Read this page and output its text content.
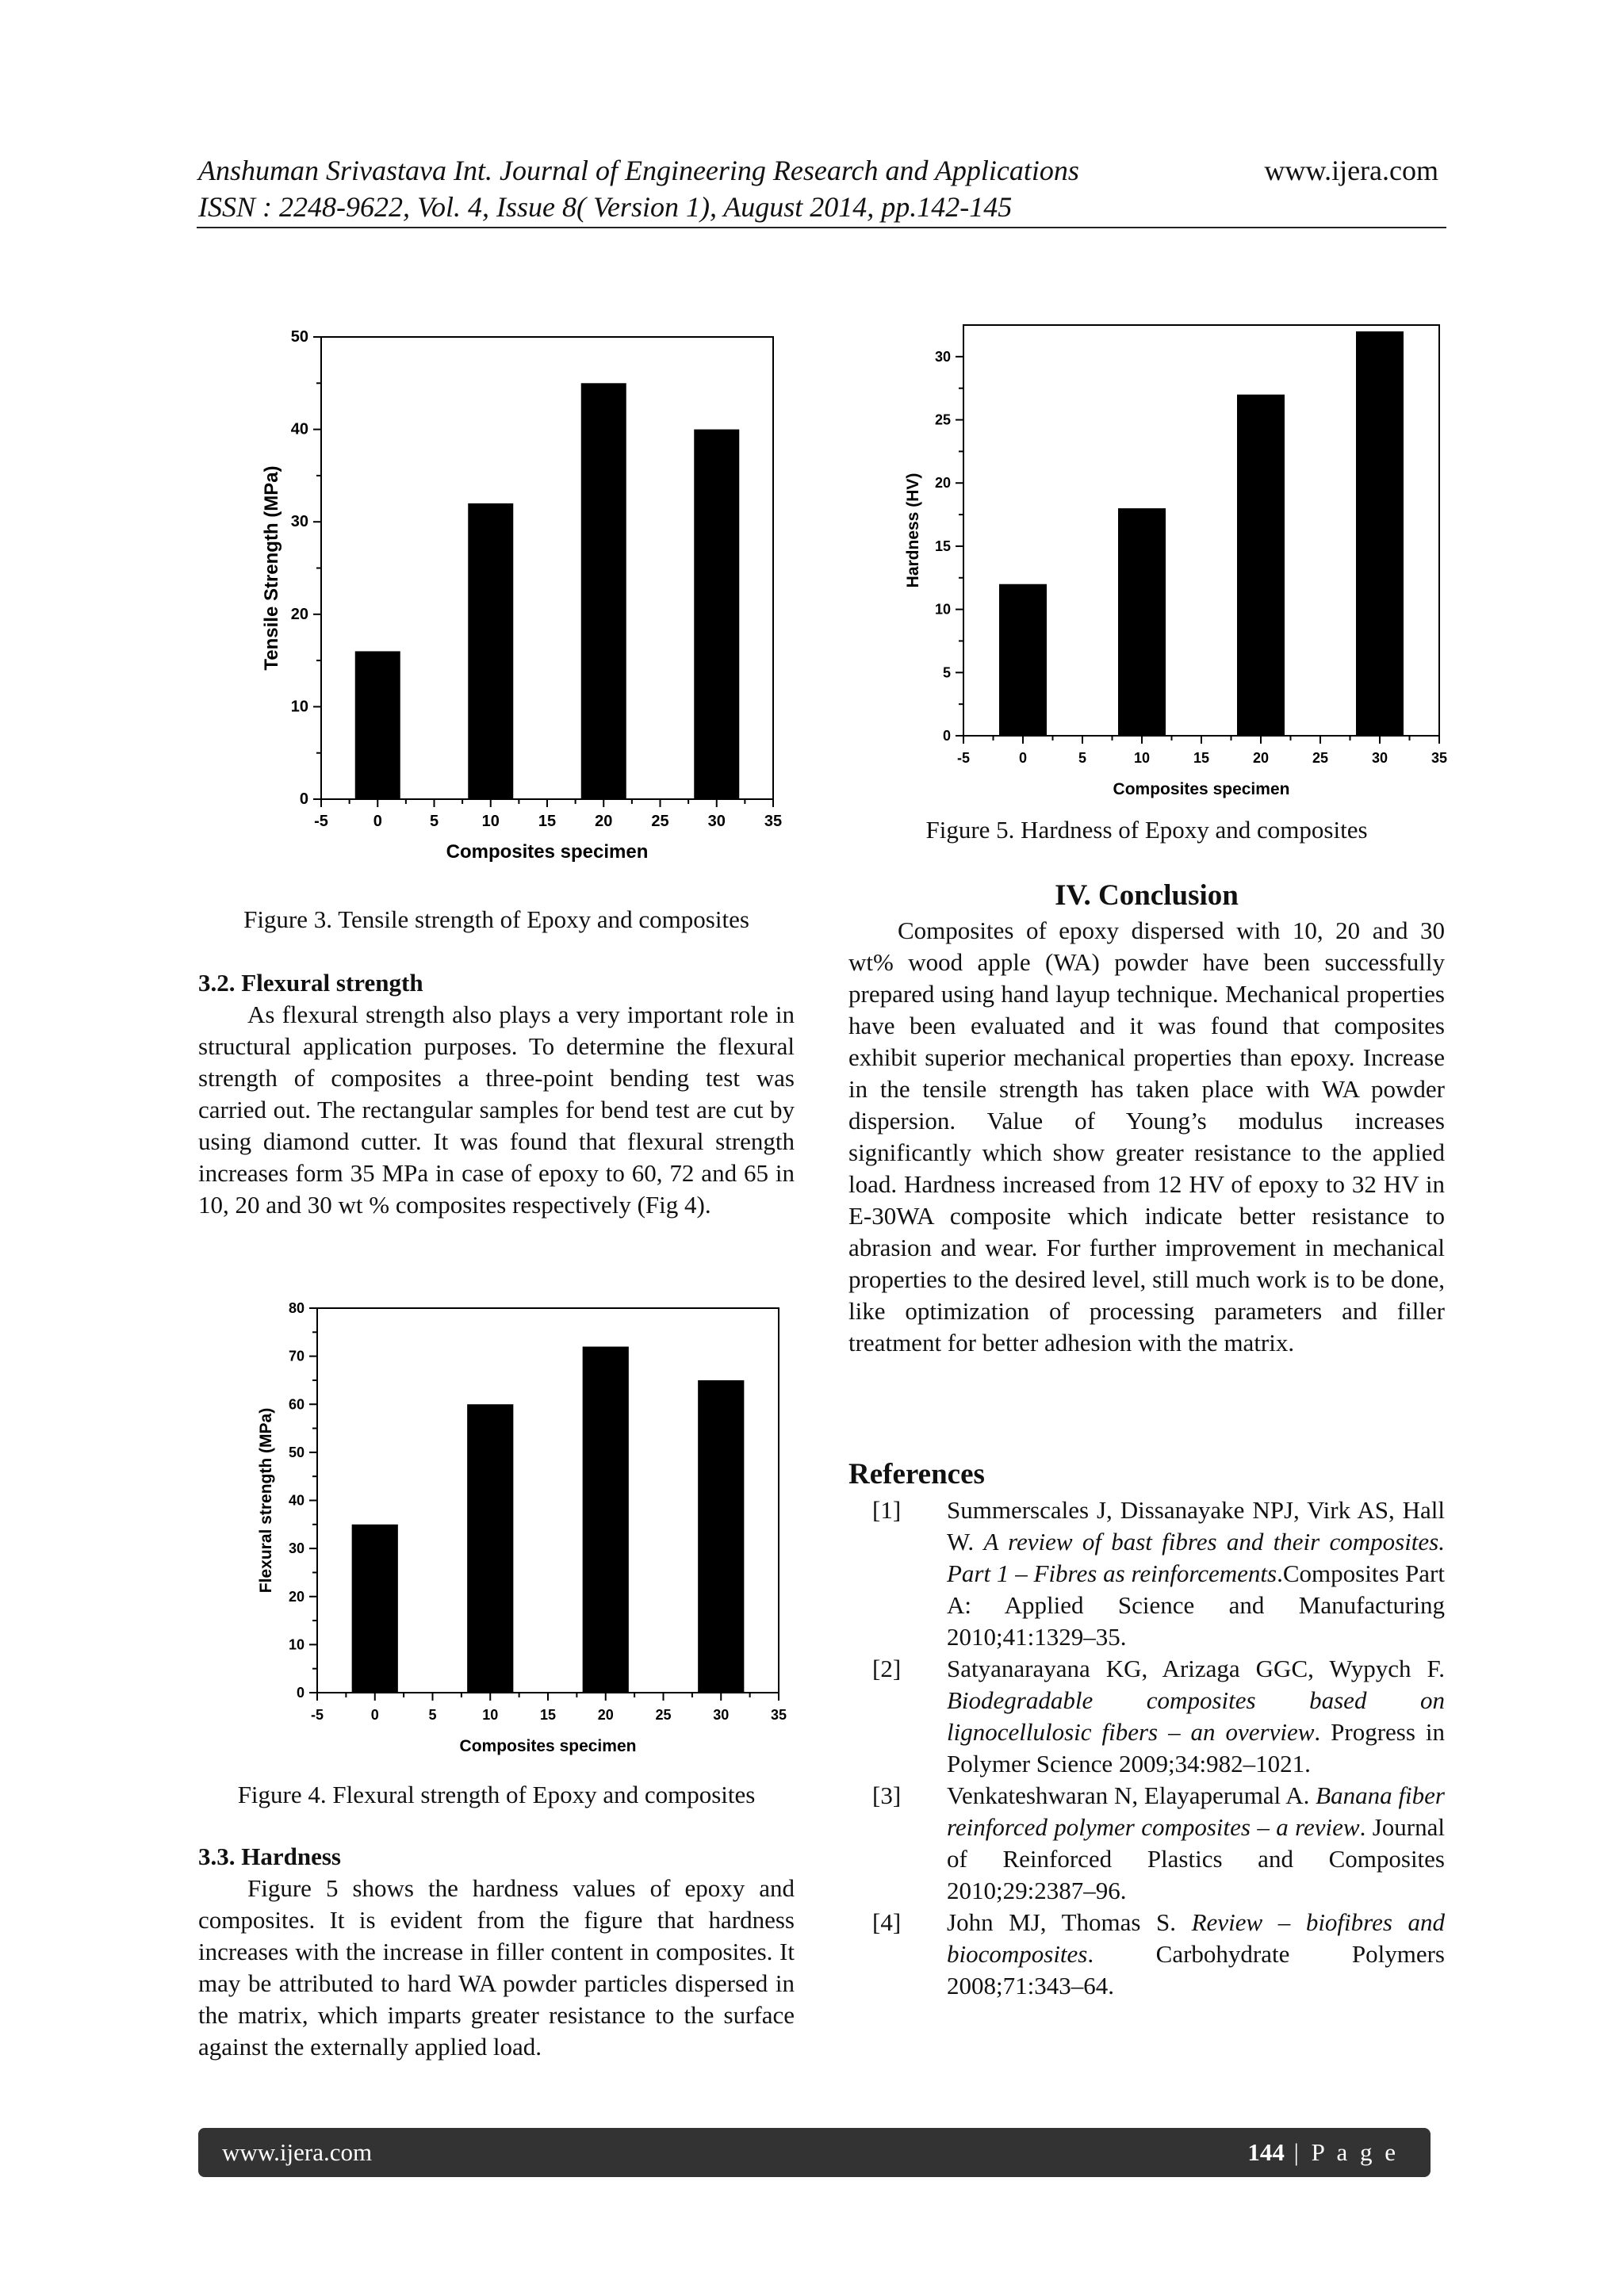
Anshuman Srivastava Int. Journal of Engineering Research and Applications
ISSN : 2248-9622, Vol. 4, Issue 8( Version 1), August 2014, pp.142-145
www.ijera.com
-5	0	5	10 15 20 25 30 35
0
10
20
30
40
50
Composites specimen
Tensile Strength (MPa)
Figure 3. Tensile strength of Epoxy and composites

3.2. Flexural strength

As flexural strength also plays a very important role in structural application purposes. To determine the flexural strength of composites a three-point bending test was carried out. The rectangular samples for bend test are cut by using diamond cutter. It was found that flexural strength increases form 35 MPa in case of epoxy to 60, 72 and 65 in 10, 20 and 30 wt % composites respectively (Fig 4).

-5	0	5	10	15	20	25	30	35
0
10
20
30
40
50
60
70
80
Composites specimen
Flexural strength (MPa)
Figure 4. Flexural strength of Epoxy and composites

3.3. Hardness

Figure 5 shows the hardness values of epoxy and composites. It is evident from the figure that hardness increases with the increase in filler content in composites. It may be attributed to hard WA powder particles dispersed in the matrix, which imparts greater resistance to the surface against the externally applied load.

-5	0	5	10	15	20	25	30	35
0
5
10
15
20
25
30
Composites specimen
Hardness (HV)
Figure 5. Hardness of Epoxy and composites
IV. Conclusion

Composites of epoxy dispersed with 10, 20 and 30 wt% wood apple (WA) powder have been successfully prepared using hand layup technique. Mechanical properties have been evaluated and it was found that composites exhibit superior mechanical properties than epoxy. Increase in the tensile strength has taken place with WA powder dispersion. Value of Young’s modulus increases significantly which show greater resistance to the applied load. Hardness increased from 12 HV of epoxy to 32 HV in E-30WA composite which indicate better resistance to abrasion and wear. For further improvement in mechanical properties to the desired level, still much work is to be done, like optimization of processing parameters and filler treatment for better adhesion with the matrix.

References

[1] Summerscales J, Dissanayake NPJ, Virk AS, Hall W. A review of bast fibres and their composites. Part 1 – Fibres as reinforcements.Composites Part A: Applied Science and Manufacturing 2010;41:1329–35.

[2] Satyanarayana KG, Arizaga GGC, Wypych F. Biodegradable composites based on lignocellulosic fibers – an overview. Progress in Polymer Science 2009;34:982–1021.

[3] Venkateshwaran N, Elayaperumal A. Banana fiber reinforced polymer composites – a review. Journal of Reinforced Plastics and Composites 2010;29:2387–96.

[4] John MJ, Thomas S. Review – biofibres and biocomposites. Carbohydrate Polymers 2008;71:343–64.

www.ijera.com	144 | P a g e
